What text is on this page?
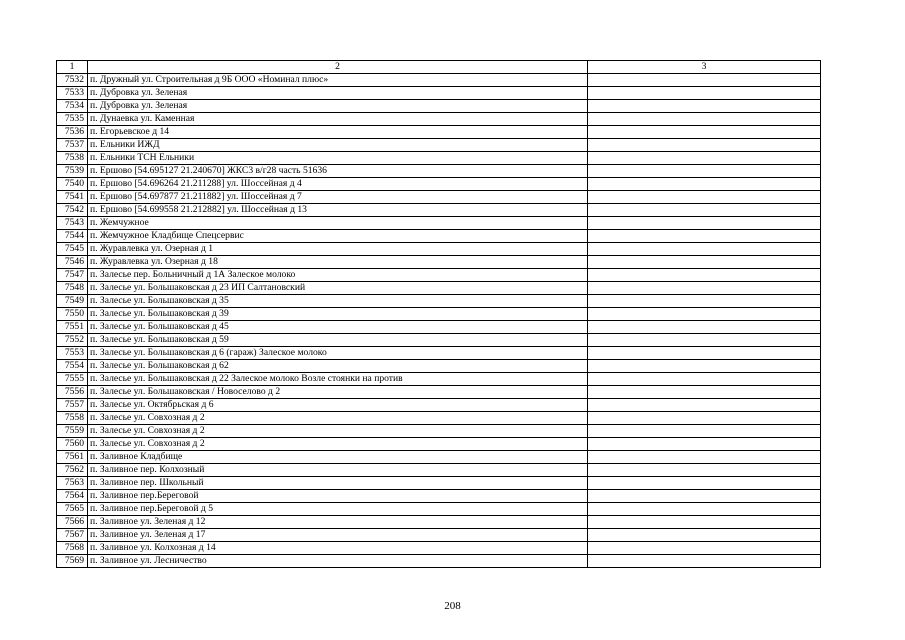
1	2	3
7532	п. Дружный ул. Строительная д 9Б ООО «Номинал плюс»	
7533	п. Дубровка ул. Зеленая	
7534	п. Дубровка ул. Зеленая	
7535	п. Дунаевка ул. Каменная	
7536	п. Егорьевское д 14	
7537	п. Ельники ИЖД	
7538	п. Ельники ТСН Ельники	
7539	п. Ершово [54.695127 21.240670] ЖКС3 в/г28 часть 51636	
7540	п. Ершово [54.696264 21.211288] ул. Шоссейная д 4	
7541	п. Ершово [54.697877 21.211882] ул. Шоссейная д 7	
7542	п. Ершово [54.699558 21.212882] ул. Шоссейная д 13	
7543	п. Жемчужное	
7544	п. Жемчужное Кладбище Спецсервис	
7545	п. Журавлевка ул. Озерная д 1	
7546	п. Журавлевка ул. Озерная д 18	
7547	п. Залесье пер. Больничный д 1А Залеское молоко	
7548	п. Залесье ул. Большаковская д 23 ИП Салтановский	
7549	п. Залесье ул. Большаковская д 35	
7550	п. Залесье ул. Большаковская д 39	
7551	п. Залесье ул. Большаковская д 45	
7552	п. Залесье ул. Большаковская д 59	
7553	п. Залесье ул. Большаковская д 6 (гараж) Залеское молоко	
7554	п. Залесье ул. Большаковская д 62	
7555	п. Залесье ул. Большаковская д 22 Залеское молоко Возле стоянки на против	
7556	п. Залесье ул. Большаковская / Новоселово д 2	
7557	п. Залесье ул. Октябрьская д 6	
7558	п. Залесье ул. Совхозная д 2	
7559	п. Залесье ул. Совхозная д 2	
7560	п. Залесье ул. Совхозная д 2	
7561	п. Заливное Кладбище	
7562	п. Заливное пер. Колхозный	
7563	п. Заливное пер. Школьный	
7564	п. Заливное пер.Береговой	
7565	п. Заливное пер.Береговой д 5	
7566	п. Заливное ул. Зеленая д 12	
7567	п. Заливное ул. Зеленая д 17	
7568	п. Заливное ул. Колхозная д 14	
7569	п. Заливное ул. Лесничество	
208
